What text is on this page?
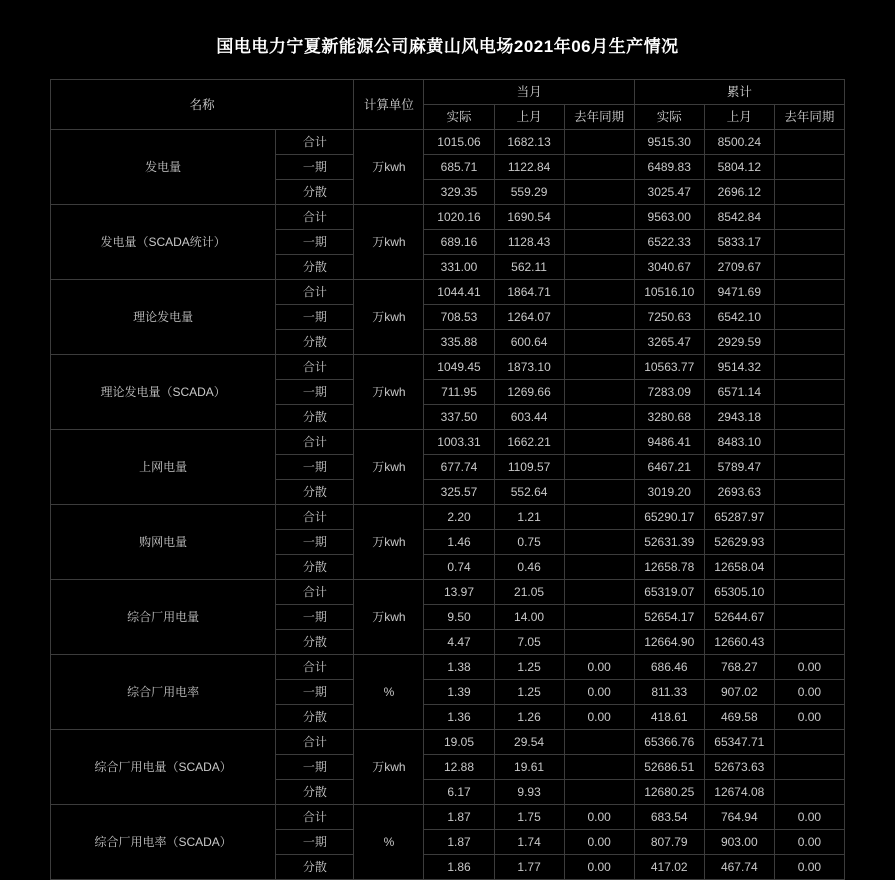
国电电力宁夏新能源公司麻黄山风电场2021年06月生产情况
名称		计算单位	当月			累计		
			实际	上月	去年同期	实际	上月	去年同期
发电量	合计	万kwh	1015.06	1682.13		9515.30	8500.24	
	一期		685.71	1122.84		6489.83	5804.12	
	分散		329.35	559.29		3025.47	2696.12	
发电量（SCADA统计）	合计	万kwh	1020.16	1690.54		9563.00	8542.84	
	一期		689.16	1128.43		6522.33	5833.17	
	分散		331.00	562.11		3040.67	2709.67	
理论发电量	合计	万kwh	1044.41	1864.71		10516.10	9471.69	
	一期		708.53	1264.07		7250.63	6542.10	
	分散		335.88	600.64		3265.47	2929.59	
理论发电量（SCADA）	合计	万kwh	1049.45	1873.10		10563.77	9514.32	
	一期		711.95	1269.66		7283.09	6571.14	
	分散		337.50	603.44		3280.68	2943.18	
上网电量	合计	万kwh	1003.31	1662.21		9486.41	8483.10	
	一期		677.74	1109.57		6467.21	5789.47	
	分散		325.57	552.64		3019.20	2693.63	
购网电量	合计	万kwh	2.20	1.21		65290.17	65287.97	
	一期		1.46	0.75		52631.39	52629.93	
	分散		0.74	0.46		12658.78	12658.04	
综合厂用电量	合计	万kwh	13.97	21.05		65319.07	65305.10	
	一期		9.50	14.00		52654.17	52644.67	
	分散		4.47	7.05		12664.90	12660.43	
综合厂用电率	合计	%	1.38	1.25	0.00	686.46	768.27	0.00
	一期		1.39	1.25	0.00	811.33	907.02	0.00
	分散		1.36	1.26	0.00	418.61	469.58	0.00
综合厂用电量（SCADA）	合计	万kwh	19.05	29.54		65366.76	65347.71	
	一期		12.88	19.61		52686.51	52673.63	
	分散		6.17	9.93		12680.25	12674.08	
综合厂用电率（SCADA）	合计	%	1.87	1.75	0.00	683.54	764.94	0.00
	一期		1.87	1.74	0.00	807.79	903.00	0.00
	分散		1.86	1.77	0.00	417.02	467.74	0.00
